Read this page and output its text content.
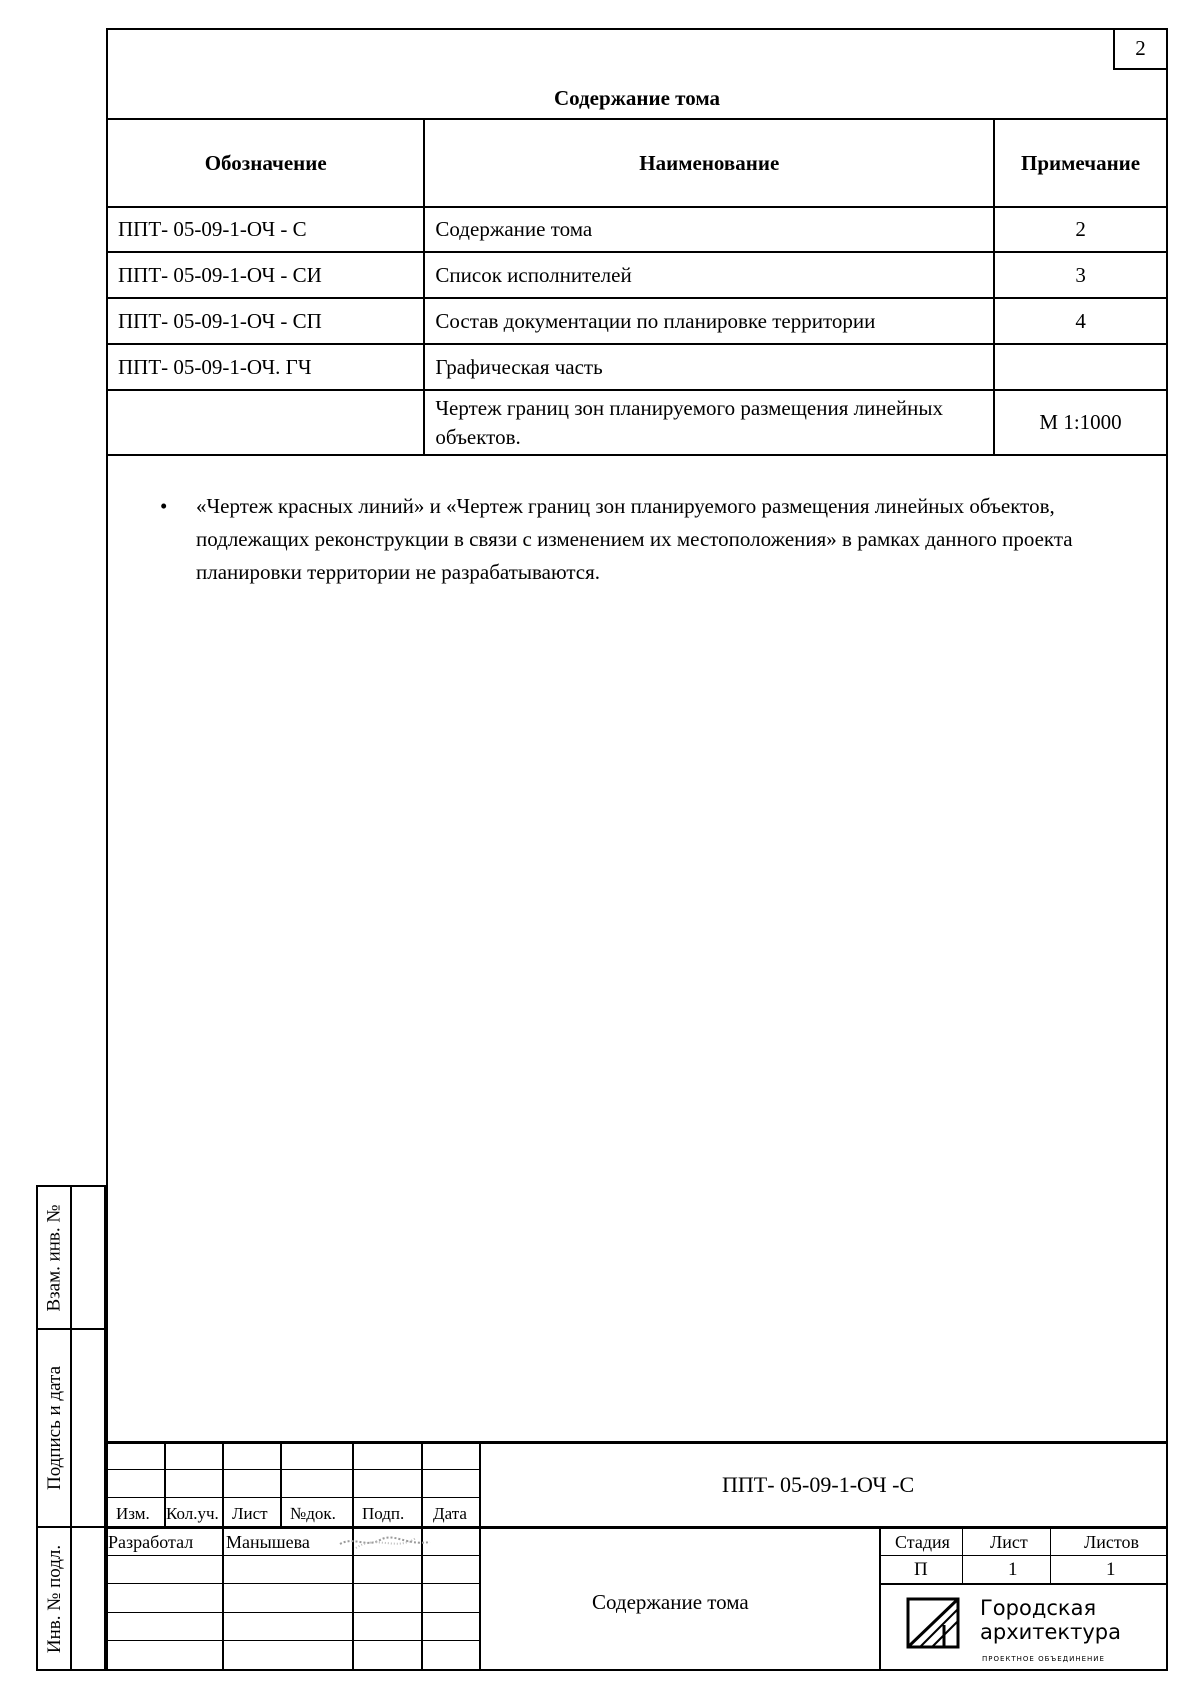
2
Содержание тома
Обозначение	Наименование	Примечание
ППТ- 05-09-1-ОЧ - С	Содержание тома	2
ППТ- 05-09-1-ОЧ - СИ	Список исполнителей	3
ППТ- 05-09-1-ОЧ - СП	Состав документации по планировке территории	4
ППТ- 05-09-1-ОЧ. ГЧ	Графическая часть	
	Чертеж границ зон планируемого размещения линейных объектов.	М 1:1000
• «Чертеж красных линий» и «Чертеж границ зон планируемого размещения линейных объектов, подлежащих реконструкции в связи с изменением их местоположения» в рамках данного проекта планировки территории не разрабатываются.
Взам. инв. №
Подпись и дата
Инв. № подл.
Изм. Кол.уч. Лист №док. Подп. Дата
ППТ- 05-09-1-ОЧ -С
Разработал Манышева
Содержание тома
Стадия Лист	Листов
П	1	1
Городская
архитектура
ПРОЕКТНОЕ ОБЪЕДИНЕНИЕ
